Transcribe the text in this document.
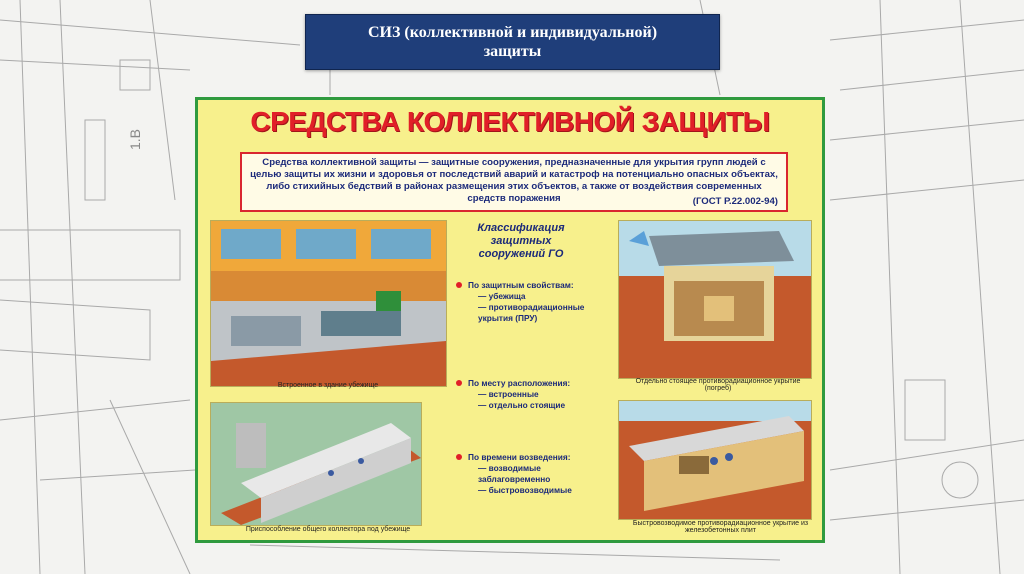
1.В
СИЗ (коллективной и индивидуальной)
защиты
СРЕДСТВА КОЛЛЕКТИВНОЙ ЗАЩИТЫ
Средства коллективной защиты — защитные сооружения, предназначенные для укрытия групп людей с целью защиты их жизни и здоровья от последствий аварий и катастроф на потенциально опасных объектах, либо стихийных бедствий в районах размещения этих объектов, а также от воздействия современных средств поражения	(ГОСТ Р.22.002-94)
Встроенное в здание убежище
Приспособление общего коллектора под убежище
Классификация защитных сооружений ГО
По защитным свойствам:
— убежища
— противорадиационные
укрытия (ПРУ)
По месту расположения:
— встроенные
— отдельно стоящие
По времени возведения:
— возводимые
заблаговременно
— быстровозводимые
Отдельно стоящее противорадиационное укрытие (погреб)
Быстровозводимое противорадиационное укрытие из железобетонных плит
